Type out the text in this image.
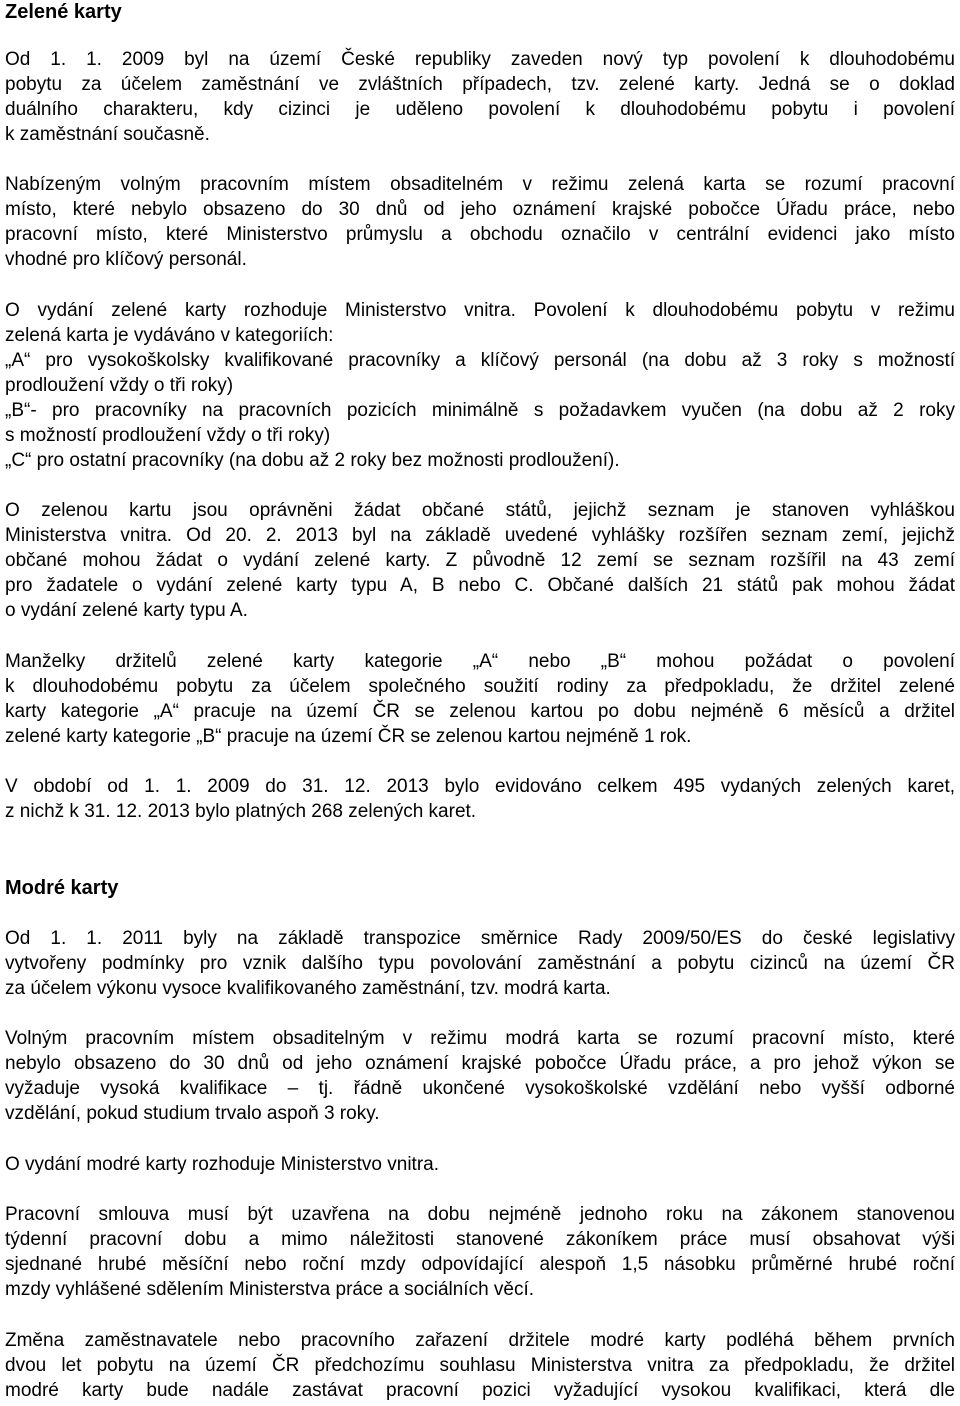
Zelené karty
Od 1. 1. 2009 byl na území České republiky zaveden nový typ povolení k dlouhodobému
pobytu za účelem zaměstnání ve zvláštních případech, tzv. zelené karty. Jedná se o doklad
duálního charakteru, kdy cizinci je uděleno povolení k dlouhodobému pobytu i povolení
k zaměstnání současně.
Nabízeným volným pracovním místem obsaditelném v režimu zelená karta se rozumí pracovní
místo, které nebylo obsazeno do 30 dnů od jeho oznámení krajské pobočce Úřadu práce, nebo
pracovní místo, které Ministerstvo průmyslu a obchodu označilo v centrální evidenci jako místo
vhodné pro klíčový personál.
O vydání zelené karty rozhoduje Ministerstvo vnitra. Povolení k dlouhodobému pobytu v režimu
zelená karta je vydáváno v kategoriích:
„A“ pro vysokoškolsky kvalifikované pracovníky a klíčový personál (na dobu až 3 roky s možností
prodloužení vždy o tři roky)
„B“- pro pracovníky na pracovních pozicích minimálně s požadavkem vyučen (na dobu až 2 roky
s možností prodloužení vždy o tři roky)
„C“ pro ostatní pracovníky (na dobu až 2 roky bez možnosti prodloužení).
O zelenou kartu jsou oprávněni žádat občané států, jejichž seznam je stanoven vyhláškou
Ministerstva vnitra. Od 20. 2. 2013 byl na základě uvedené vyhlášky rozšířen seznam zemí, jejichž
občané mohou žádat o vydání zelené karty. Z původně 12 zemí se seznam rozšířil na 43 zemí
pro žadatele o vydání zelené karty typu A, B nebo C. Občané dalších 21 států pak mohou žádat
o vydání zelené karty typu A.
Manželky držitelů zelené karty kategorie „A“ nebo „B“ mohou požádat o povolení
k dlouhodobému pobytu za účelem společného soužití rodiny za předpokladu, že držitel zelené
karty kategorie „A“ pracuje na území ČR se zelenou kartou po dobu nejméně 6 měsíců a držitel
zelené karty kategorie „B“ pracuje na území ČR se zelenou kartou nejméně 1 rok.
V období od 1. 1. 2009 do 31. 12. 2013 bylo evidováno celkem 495 vydaných zelených karet,
z nichž k 31. 12. 2013 bylo platných 268 zelených karet.
Modré karty
Od 1. 1. 2011 byly na základě transpozice směrnice Rady 2009/50/ES do české legislativy
vytvořeny podmínky pro vznik dalšího typu povolování zaměstnání a pobytu cizinců na území ČR
za účelem výkonu vysoce kvalifikovaného zaměstnání, tzv. modrá karta.
Volným pracovním místem obsaditelným v režimu modrá karta se rozumí pracovní místo, které
nebylo obsazeno do 30 dnů od jeho oznámení krajské pobočce Úřadu práce, a pro jehož výkon se
vyžaduje vysoká kvalifikace – tj. řádně ukončené vysokoškolské vzdělání nebo vyšší odborné
vzdělání, pokud studium trvalo aspoň 3 roky.
O vydání modré karty rozhoduje Ministerstvo vnitra.
Pracovní smlouva musí být uzavřena na dobu nejméně jednoho roku na zákonem stanovenou
týdenní pracovní dobu a mimo náležitosti stanovené zákoníkem práce musí obsahovat výši
sjednané hrubé měsíční nebo roční mzdy odpovídající alespoň 1,5 násobku průměrné hrubé roční
mzdy vyhlášené sdělením Ministerstva práce a sociálních věcí.
Změna zaměstnavatele nebo pracovního zařazení držitele modré karty podléhá během prvních
dvou let pobytu na území ČR předchozímu souhlasu Ministerstva vnitra za předpokladu, že držitel
modré karty bude nadále zastávat pracovní pozici vyžadující vysokou kvalifikaci, která dle
